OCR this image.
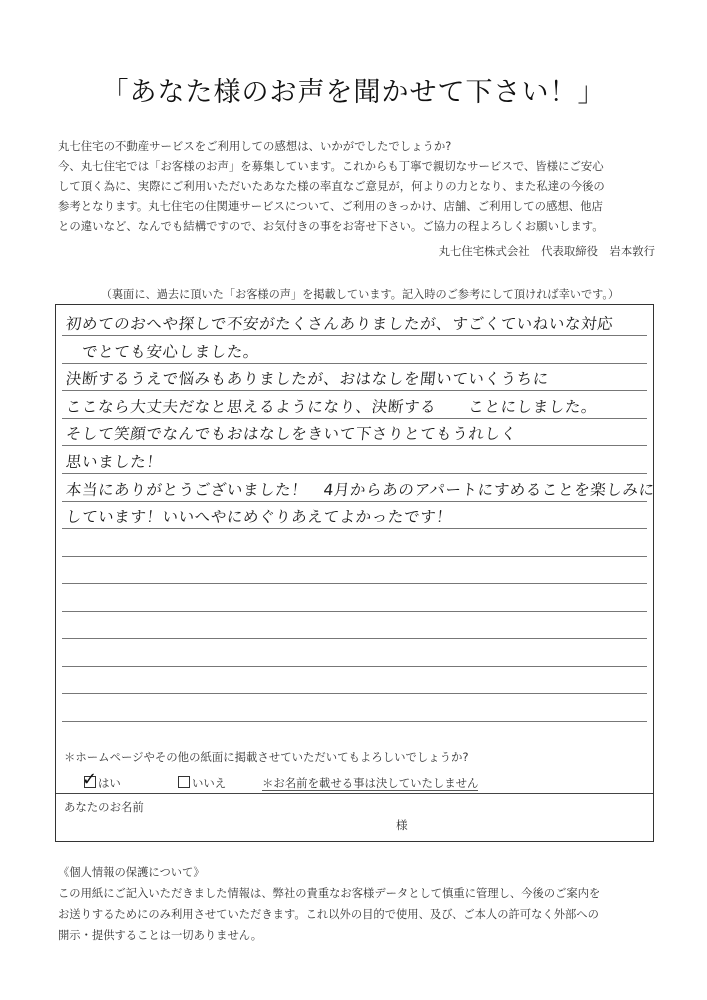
「あなた様のお声を聞かせて下さい！」

丸七住宅の不動産サービスをご利用しての感想は、いかがでしたでしょうか?

今、丸七住宅では「お客様のお声」を募集しています。これからも丁寧で親切なサービスで、皆様にご安心

して頂く為に、実際にご利用いただいたあなた様の率直なご意見が，何よりの力となり、また私達の今後の

参考となります。丸七住宅の住関連サービスについて、ご利用のきっかけ、店舗、ご利用しての感想、他店

との違いなど、なんでも結構ですので、お気付きの事をお寄せ下さい。ご協力の程よろしくお願いします。

丸七住宅株式会社　代表取締役　岩本敦行
（裏面に、過去に頂いた「お客様の声」を掲載しています。記入時のご参考にして頂ければ幸いです。）
初めてのおへや探しで不安がたくさんありましたが、すごくていねいな対応
　でとても安心しました。
決断するうえで悩みもありましたが、おはなしを聞いていくうちに
ここなら大丈夫だなと思えるようになり、決断する　　ことにしました。
そして笑顔でなんでもおはなしをきいて下さりとてもうれしく
思いました！
本当にありがとうございました！　4月からあのアパートにすめることを楽しみに
しています！いいへやにめぐりあえてよかったです！
＊ホームページやその他の紙面に掲載させていただいてもよろしいでしょうか?
✓ はい	いいえ	＊お名前を載せる事は決していたしません
あなたのお名前
様

《個人情報の保護について》

この用紙にご記入いただきました情報は、弊社の貴重なお客様データとして慎重に管理し、今後のご案内を

お送りするためにのみ利用させていただきます。これ以外の目的で使用、及び、ご本人の許可なく外部への

開示・提供することは一切ありません。
